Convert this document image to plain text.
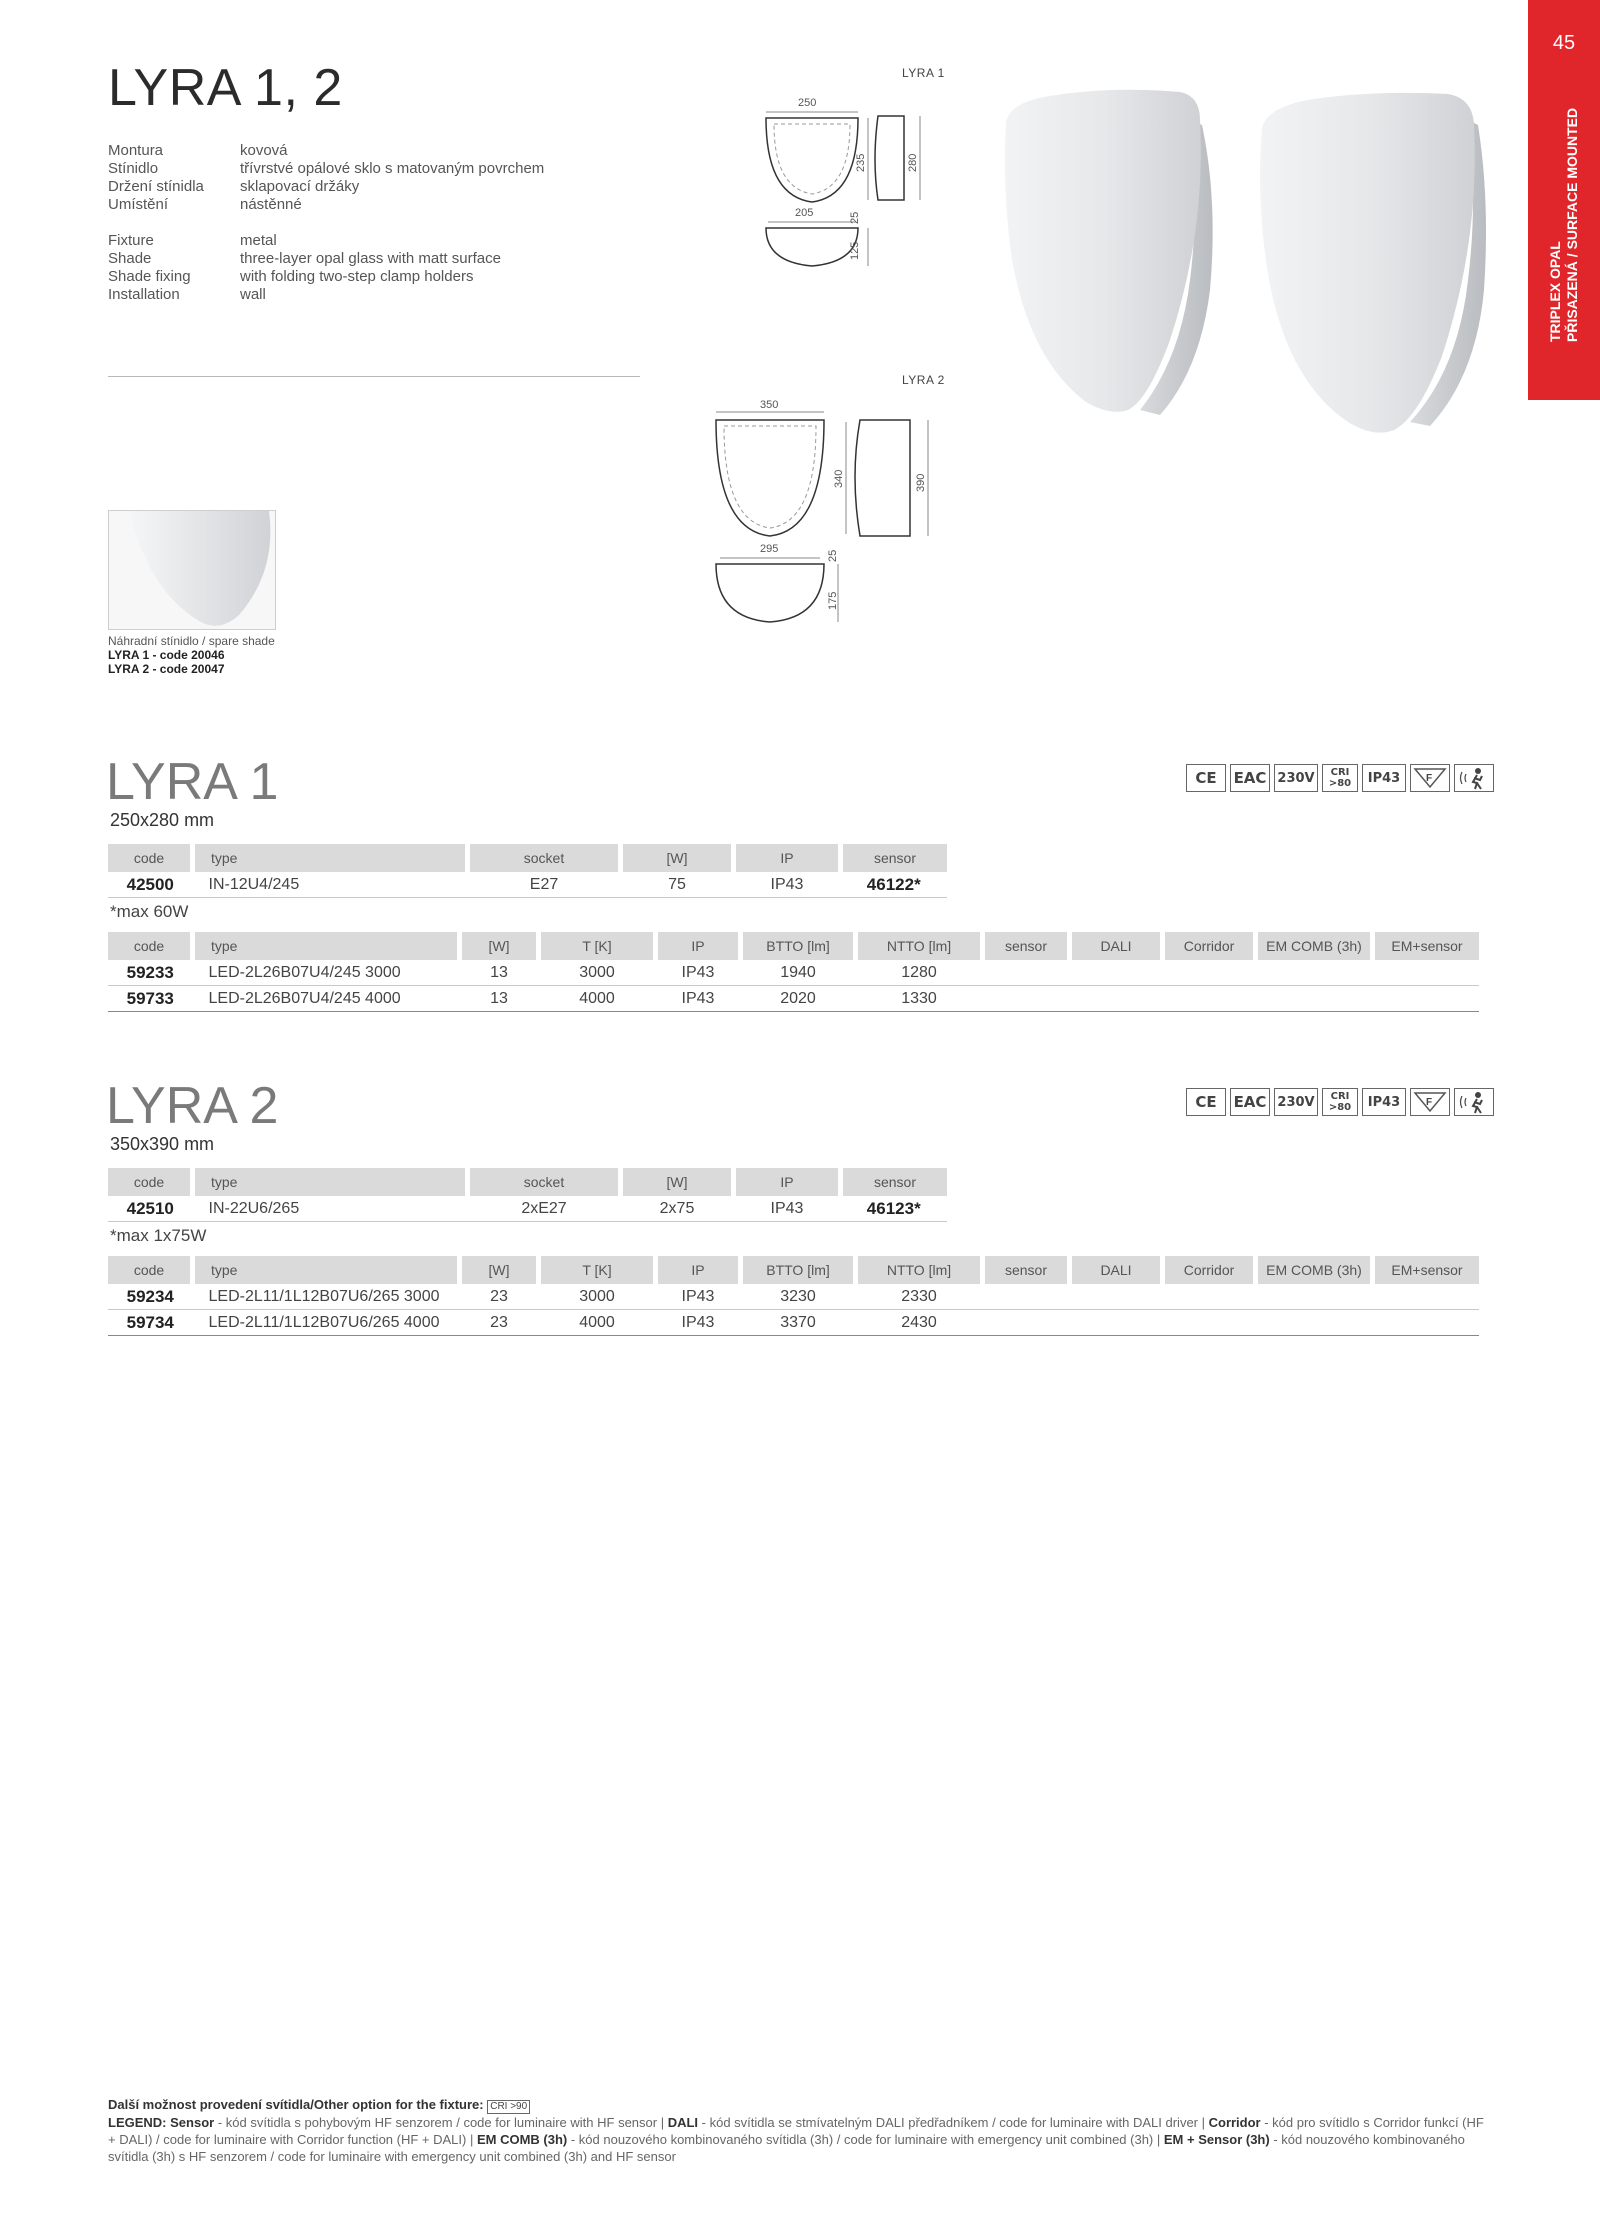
45
TRIPLEX OPAL PŘISAZENÁ / SURFACE MOUNTED
LYRA 1, 2
Montura	kovová
Stínidlo	třívrstvé opálové sklo s matovaným povrchem
Držení stínidla	sklapovací držáky
Umístění	nástěnné
Fixture	metal
Shade	three-layer opal glass with matt surface
Shade fixing	with folding two-step clamp holders
Installation	wall
LYRA 1
250
235	280
205
125
25
LYRA 2
350
340	390
295
175
25
Náhradní stínidlo / spare shade
LYRA 1 - code 20046
LYRA 2 - code 20047
LYRA 1
250x280 mm
CE	EAC 230V	CRI >80	IP43	F
code	type	socket	[W]	IP	sensor
42500	IN-12U4/245	E27	75	IP43	46122*
*max 60W
code	type	[W]	T [K]	IP	BTTO [lm]	NTTO [lm]	sensor	DALI	Corridor	EM COMB (3h)	EM+sensor
59233	LED-2L26B07U4/245 3000	13	3000	IP43	1940	1280					
59733	LED-2L26B07U4/245 4000	13	4000	IP43	2020	1330					
LYRA 2
350x390 mm
CE	EAC 230V	CRI >80	IP43	F
code	type	socket	[W]	IP	sensor
42510	IN-22U6/265	2xE27	2x75	IP43	46123*
*max 1x75W
code	type	[W]	T [K]	IP	BTTO [lm]	NTTO [lm]	sensor	DALI	Corridor	EM COMB (3h)	EM+sensor
59234	LED-2L11/1L12B07U6/265 3000	23	3000	IP43	3230	2330					
59734	LED-2L11/1L12B07U6/265 4000	23	4000	IP43	3370	2430					
Další možnost provedení svítidla/Other option for the fixture: CRI >90
LEGEND: Sensor - kód svítidla s pohybovým HF senzorem / code for luminaire with HF sensor | DALI - kód svítidla se stmívatelným DALI předřadníkem / code for luminaire with DALI driver | Corridor - kód pro svítidlo s Corridor funkcí (HF + DALI) / code for luminaire with Corridor function (HF + DALI) | EM COMB (3h) - kód nouzového kombinovaného svítidla (3h) / code for luminaire with emergency unit combined (3h) | EM + Sensor (3h) - kód nouzového kombinovaného svítidla (3h) s HF senzorem / code for luminaire with emergency unit combined (3h) and HF sensor
